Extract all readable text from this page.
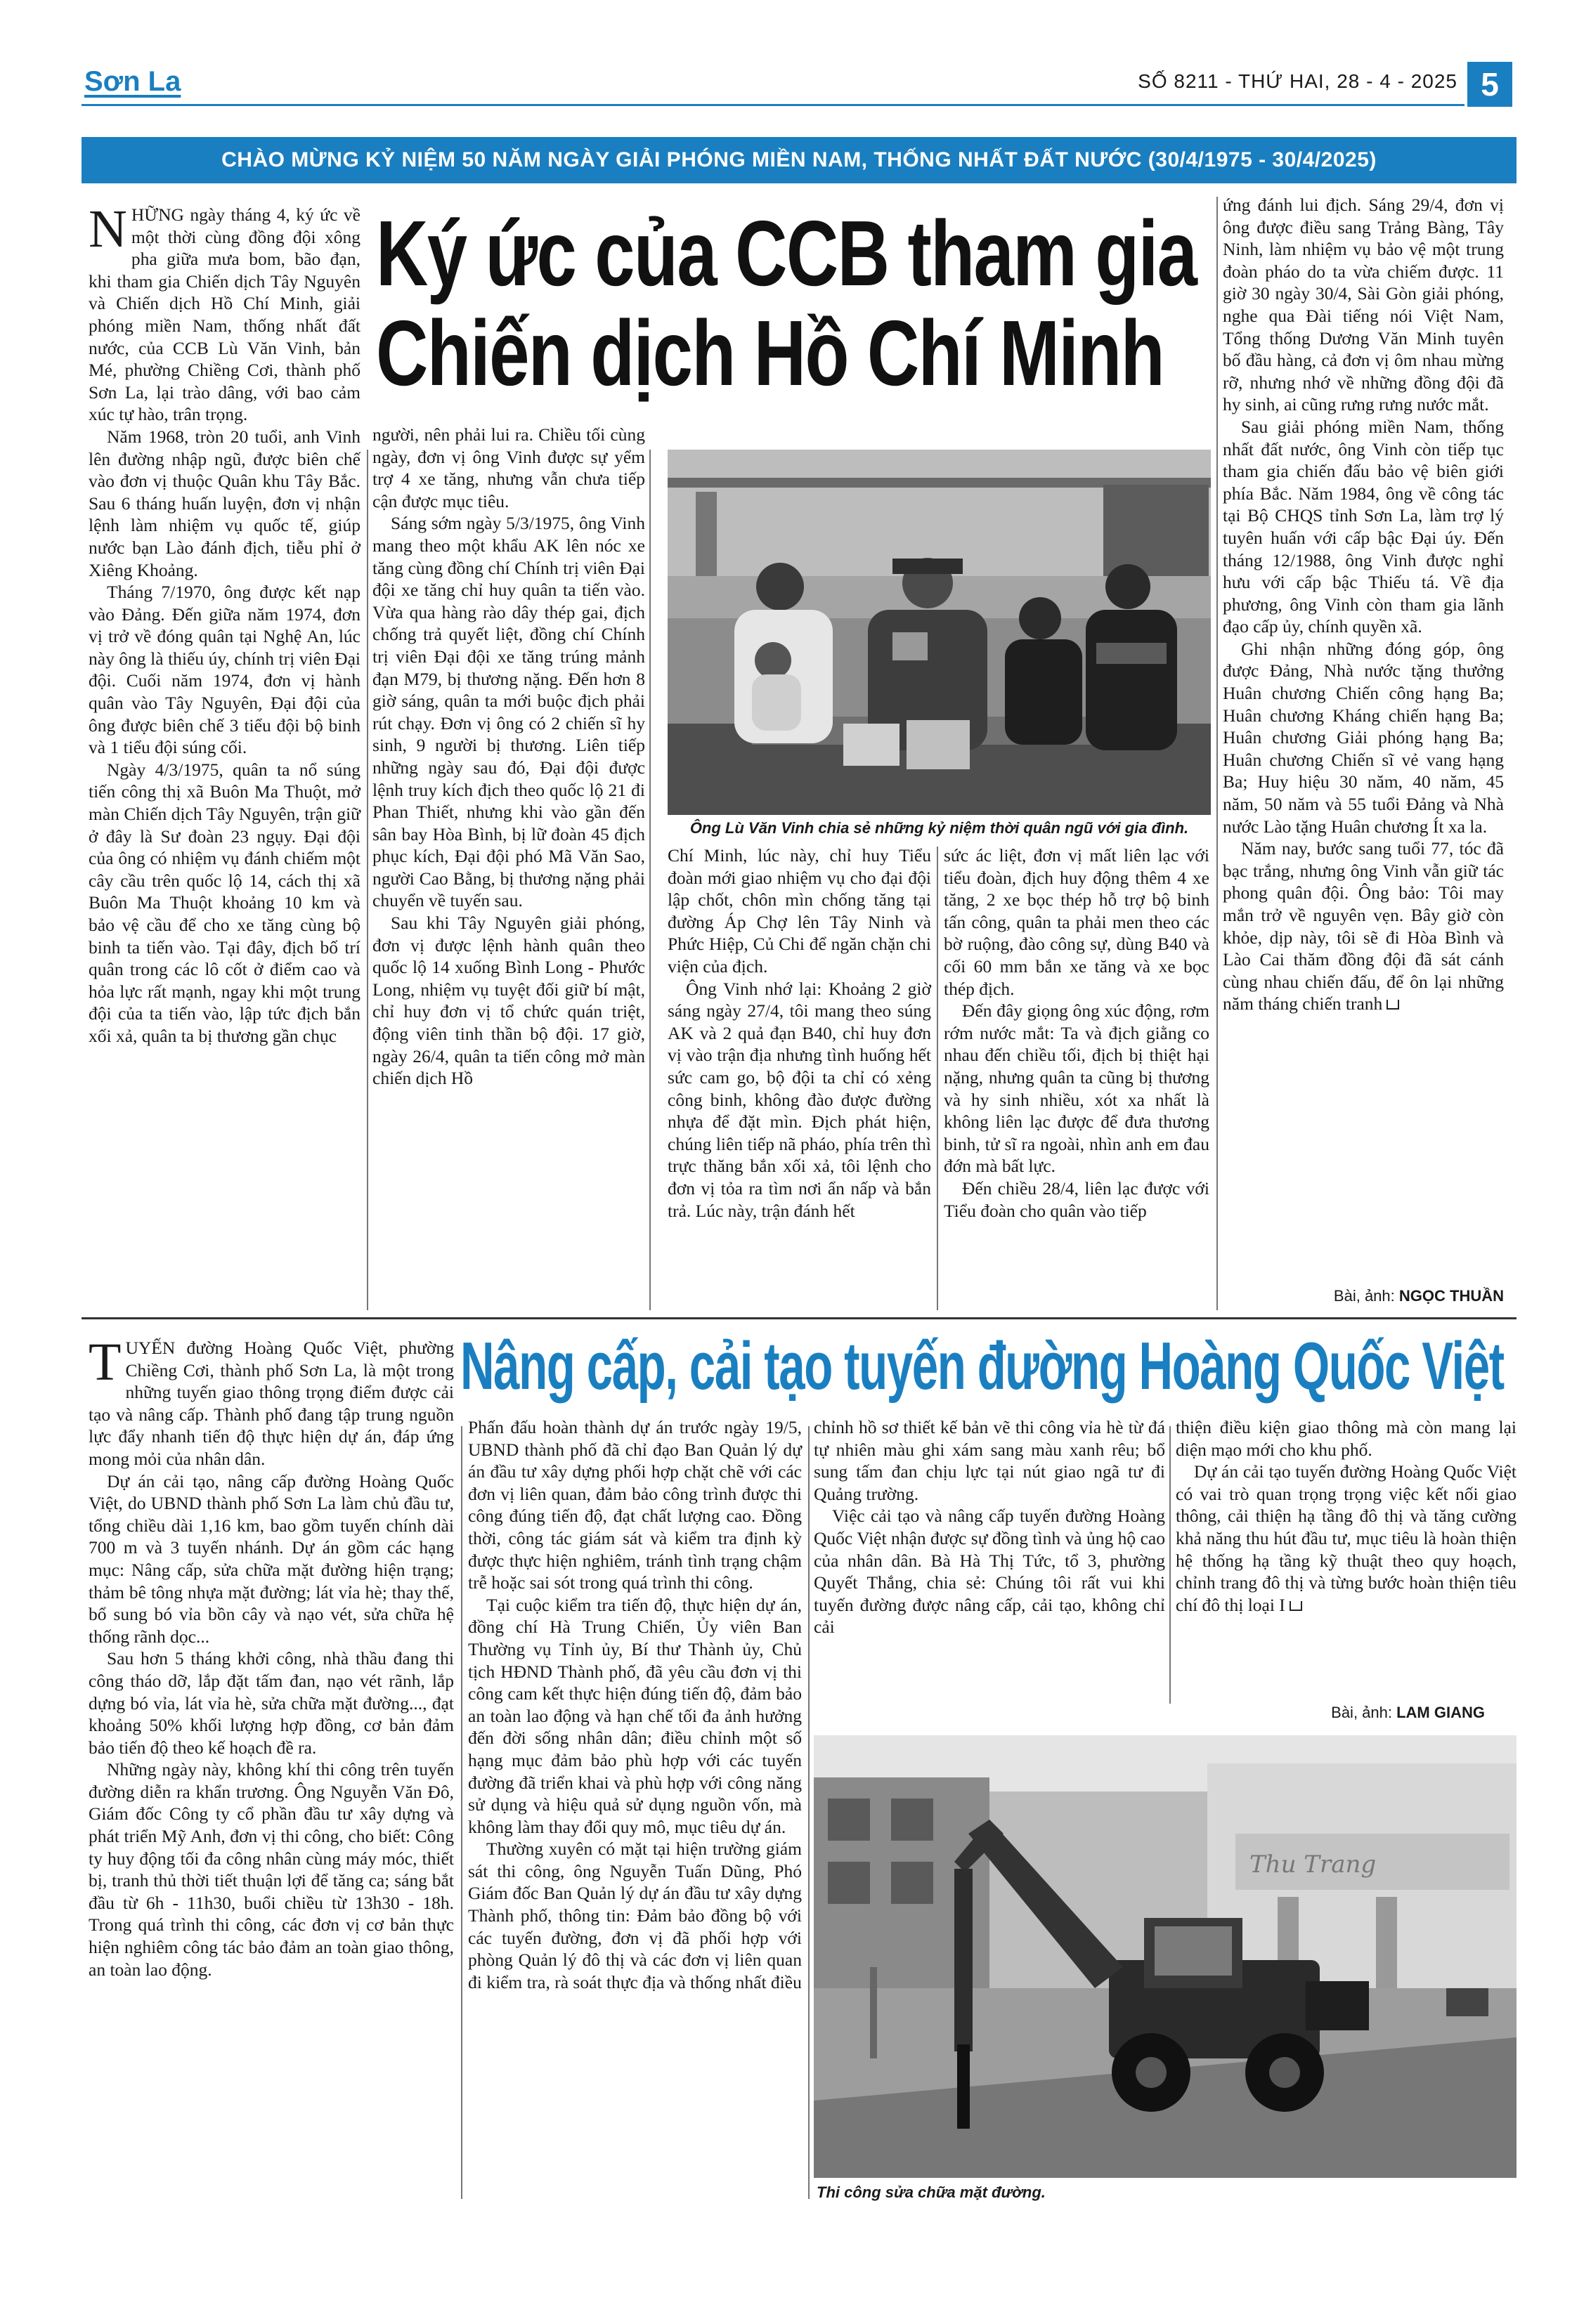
Sơn La	SỐ 8211 - THỨ HAI, 28 - 4 - 2025 5
CHÀO MỪNG KỶ NIỆM 50 NĂM NGÀY GIẢI PHÓNG MIỀN NAM, THỐNG NHẤT ĐẤT NƯỚC (30/4/1975 - 30/4/2025)
Ký ức của CCB tham gia
Chiến dịch Hồ Chí Minh

NHỮNG ngày tháng 4, ký ức về một thời cùng đồng đội xông pha giữa mưa bom, bão đạn, khi tham gia Chiến dịch Tây Nguyên và Chiến dịch Hồ Chí Minh, giải phóng miền Nam, thống nhất đất nước, của CCB Lù Văn Vinh, bản Mé, phường Chiềng Cơi, thành phố Sơn La, lại trào dâng, với bao cảm xúc tự hào, trân trọng.

Năm 1968, tròn 20 tuổi, anh Vinh lên đường nhập ngũ, được biên chế vào đơn vị thuộc Quân khu Tây Bắc. Sau 6 tháng huấn luyện, đơn vị nhận lệnh làm nhiệm vụ quốc tế, giúp nước bạn Lào đánh địch, tiễu phỉ ở Xiêng Khoảng.

Tháng 7/1970, ông được kết nạp vào Đảng. Đến giữa năm 1974, đơn vị trở về đóng quân tại Nghệ An, lúc này ông là thiếu úy, chính trị viên Đại đội. Cuối năm 1974, đơn vị hành quân vào Tây Nguyên, Đại đội của ông được biên chế 3 tiểu đội bộ binh và 1 tiểu đội súng cối.

Ngày 4/3/1975, quân ta nổ súng tiến công thị xã Buôn Ma Thuột, mở màn Chiến dịch Tây Nguyên, trận giữ ở đây là Sư đoàn 23 ngụy. Đại đội của ông có nhiệm vụ đánh chiếm một cây cầu trên quốc lộ 14, cách thị xã Buôn Ma Thuột khoảng 10 km và bảo vệ cầu để cho xe tăng cùng bộ binh ta tiến vào. Tại đây, địch bố trí quân trong các lô cốt ở điểm cao và hỏa lực rất mạnh, ngay khi một trung đội của ta tiến vào, lập tức địch bắn xối xả, quân ta bị thương gần chục

người, nên phải lui ra. Chiều tối cùng ngày, đơn vị ông Vinh được sự yểm trợ 4 xe tăng, nhưng vẫn chưa tiếp cận được mục tiêu.

Sáng sớm ngày 5/3/1975, ông Vinh mang theo một khẩu AK lên nóc xe tăng cùng đồng chí Chính trị viên Đại đội xe tăng chỉ huy quân ta tiến vào. Vừa qua hàng rào dây thép gai, địch chống trả quyết liệt, đồng chí Chính trị viên Đại đội xe tăng trúng mảnh đạn M79, bị thương nặng. Đến hơn 8 giờ sáng, quân ta mới buộc địch phải rút chạy. Đơn vị ông có 2 chiến sĩ hy sinh, 9 người bị thương. Liên tiếp những ngày sau đó, Đại đội được lệnh truy kích địch theo quốc lộ 21 đi Phan Thiết, nhưng khi vào gần đến sân bay Hòa Bình, bị lữ đoàn 45 địch phục kích, Đại đội phó Mã Văn Sao, người Cao Bằng, bị thương nặng phải chuyển về tuyến sau.

Sau khi Tây Nguyên giải phóng, đơn vị được lệnh hành quân theo quốc lộ 14 xuống Bình Long - Phước Long, nhiệm vụ tuyệt đối giữ bí mật, chỉ huy đơn vị tổ chức quán triệt, động viên tinh thần bộ đội. 17 giờ, ngày 26/4, quân ta tiến công mở màn chiến dịch Hồ

Ông Lù Văn Vinh chia sẻ những kỷ niệm thời quân ngũ với gia đình.

Chí Minh, lúc này, chỉ huy Tiểu đoàn mới giao nhiệm vụ cho đại đội lập chốt, chôn mìn chống tăng tại đường Áp Chợ lên Tây Ninh và Phức Hiệp, Củ Chi để ngăn chặn chi viện của địch.

Ông Vinh nhớ lại: Khoảng 2 giờ sáng ngày 27/4, tôi mang theo súng AK và 2 quả đạn B40, chỉ huy đơn vị vào trận địa nhưng tình huống hết sức cam go, bộ đội ta chỉ có xẻng công binh, không đào được đường nhựa để đặt mìn. Địch phát hiện, chúng liên tiếp nã pháo, phía trên thì trực thăng bắn xối xả, tôi lệnh cho đơn vị tỏa ra tìm nơi ẩn nấp và bắn trả. Lúc này, trận đánh hết

sức ác liệt, đơn vị mất liên lạc với tiểu đoàn, địch huy động thêm 4 xe tăng, 2 xe bọc thép hỗ trợ bộ binh tấn công, quân ta phải men theo các bờ ruộng, đào công sự, dùng B40 và cối 60 mm bắn xe tăng và xe bọc thép địch.

Đến đây giọng ông xúc động, rơm rớm nước mắt: Ta và địch giằng co nhau đến chiều tối, địch bị thiệt hại nặng, nhưng quân ta cũng bị thương và hy sinh nhiều, xót xa nhất là không liên lạc được để đưa thương binh, tử sĩ ra ngoài, nhìn anh em đau đớn mà bất lực.

Đến chiều 28/4, liên lạc được với Tiểu đoàn cho quân vào tiếp

ứng đánh lui địch. Sáng 29/4, đơn vị ông được điều sang Trảng Bàng, Tây Ninh, làm nhiệm vụ bảo vệ một trung đoàn pháo do ta vừa chiếm được. 11 giờ 30 ngày 30/4, Sài Gòn giải phóng, nghe qua Đài tiếng nói Việt Nam, Tổng thống Dương Văn Minh tuyên bố đầu hàng, cả đơn vị ôm nhau mừng rỡ, nhưng nhớ về những đồng đội đã hy sinh, ai cũng rưng rưng nước mắt.

Sau giải phóng miền Nam, thống nhất đất nước, ông Vinh còn tiếp tục tham gia chiến đấu bảo vệ biên giới phía Bắc. Năm 1984, ông về công tác tại Bộ CHQS tỉnh Sơn La, làm trợ lý tuyên huấn với cấp bậc Đại úy. Đến tháng 12/1988, ông Vinh được nghỉ hưu với cấp bậc Thiếu tá. Về địa phương, ông Vinh còn tham gia lãnh đạo cấp ủy, chính quyền xã.

Ghi nhận những đóng góp, ông được Đảng, Nhà nước tặng thưởng Huân chương Chiến công hạng Ba; Huân chương Kháng chiến hạng Ba; Huân chương Giải phóng hạng Ba; Huân chương Chiến sĩ vẻ vang hạng Ba; Huy hiệu 30 năm, 40 năm, 45 năm, 50 năm và 55 tuổi Đảng và Nhà nước Lào tặng Huân chương Ít xa la.

Năm nay, bước sang tuổi 77, tóc đã bạc trắng, nhưng ông Vinh vẫn giữ tác phong quân đội. Ông bảo: Tôi may mắn trở về nguyên vẹn. Bây giờ còn khỏe, dịp này, tôi sẽ đi Hòa Bình và Lào Cai thăm đồng đội đã sát cánh cùng nhau chiến đấu, để ôn lại những năm tháng chiến tranh

Bài, ảnh: NGỌC THUẦN
Nâng cấp, cải tạo tuyến đường Hoàng Quốc Việt

TUYẾN đường Hoàng Quốc Việt, phường Chiềng Cơi, thành phố Sơn La, là một trong những tuyến giao thông trọng điểm được cải tạo và nâng cấp. Thành phố đang tập trung nguồn lực đẩy nhanh tiến độ thực hiện dự án, đáp ứng mong mỏi của nhân dân.

Dự án cải tạo, nâng cấp đường Hoàng Quốc Việt, do UBND thành phố Sơn La làm chủ đầu tư, tổng chiều dài 1,16 km, bao gồm tuyến chính dài 700 m và 3 tuyến nhánh. Dự án gồm các hạng mục: Nâng cấp, sửa chữa mặt đường hiện trạng; thảm bê tông nhựa mặt đường; lát vỉa hè; thay thế, bổ sung bó vỉa bồn cây và nạo vét, sửa chữa hệ thống rãnh dọc...

Sau hơn 5 tháng khởi công, nhà thầu đang thi công tháo dỡ, lắp đặt tấm đan, nạo vét rãnh, lắp dựng bó vỉa, lát vỉa hè, sửa chữa mặt đường..., đạt khoảng 50% khối lượng hợp đồng, cơ bản đảm bảo tiến độ theo kế hoạch đề ra.

Những ngày này, không khí thi công trên tuyến đường diễn ra khẩn trương. Ông Nguyễn Văn Đô, Giám đốc Công ty cổ phần đầu tư xây dựng và phát triển Mỹ Anh, đơn vị thi công, cho biết: Công ty huy động tối đa công nhân cùng máy móc, thiết bị, tranh thủ thời tiết thuận lợi để tăng ca; sáng bắt đầu từ 6h - 11h30, buổi chiều từ 13h30 - 18h. Trong quá trình thi công, các đơn vị cơ bản thực hiện nghiêm công tác bảo đảm an toàn giao thông, an toàn lao động.

Phấn đấu hoàn thành dự án trước ngày 19/5, UBND thành phố đã chỉ đạo Ban Quản lý dự án đầu tư xây dựng phối hợp chặt chẽ với các đơn vị liên quan, đảm bảo công trình được thi công đúng tiến độ, đạt chất lượng cao. Đồng thời, công tác giám sát và kiểm tra định kỳ được thực hiện nghiêm, tránh tình trạng chậm trễ hoặc sai sót trong quá trình thi công.

Tại cuộc kiểm tra tiến độ, thực hiện dự án, đồng chí Hà Trung Chiến, Ủy viên Ban Thường vụ Tỉnh ủy, Bí thư Thành ủy, Chủ tịch HĐND Thành phố, đã yêu cầu đơn vị thi công cam kết thực hiện đúng tiến độ, đảm bảo an toàn lao động và hạn chế tối đa ảnh hưởng đến đời sống nhân dân; điều chỉnh một số hạng mục đảm bảo phù hợp với các tuyến đường đã triển khai và phù hợp với công năng sử dụng và hiệu quả sử dụng nguồn vốn, mà không làm thay đổi quy mô, mục tiêu dự án.

Thường xuyên có mặt tại hiện trường giám sát thi công, ông Nguyễn Tuấn Dũng, Phó Giám đốc Ban Quản lý dự án đầu tư xây dựng Thành phố, thông tin: Đảm bảo đồng bộ với các tuyến đường, đơn vị đã phối hợp với phòng Quản lý đô thị và các đơn vị liên quan đi kiểm tra, rà soát thực địa và thống nhất điều

chỉnh hồ sơ thiết kế bản vẽ thi công vỉa hè từ đá tự nhiên màu ghi xám sang màu xanh rêu; bổ sung tấm đan chịu lực tại nút giao ngã tư đi Quảng trường.

Việc cải tạo và nâng cấp tuyến đường Hoàng Quốc Việt nhận được sự đồng tình và ủng hộ cao của nhân dân. Bà Hà Thị Tức, tổ 3, phường Quyết Thắng, chia sẻ: Chúng tôi rất vui khi tuyến đường được nâng cấp, cải tạo, không chỉ cải

thiện điều kiện giao thông mà còn mang lại diện mạo mới cho khu phố.

Dự án cải tạo tuyến đường Hoàng Quốc Việt có vai trò quan trọng trọng việc kết nối giao thông, cải thiện hạ tầng đô thị và tăng cường khả năng thu hút đầu tư, mục tiêu là hoàn thiện hệ thống hạ tầng kỹ thuật theo quy hoạch, chỉnh trang đô thị và từng bước hoàn thiện tiêu chí đô thị loại I

Bài, ảnh: LAM GIANG
Thu Trang
Thi công sửa chữa mặt đường.
